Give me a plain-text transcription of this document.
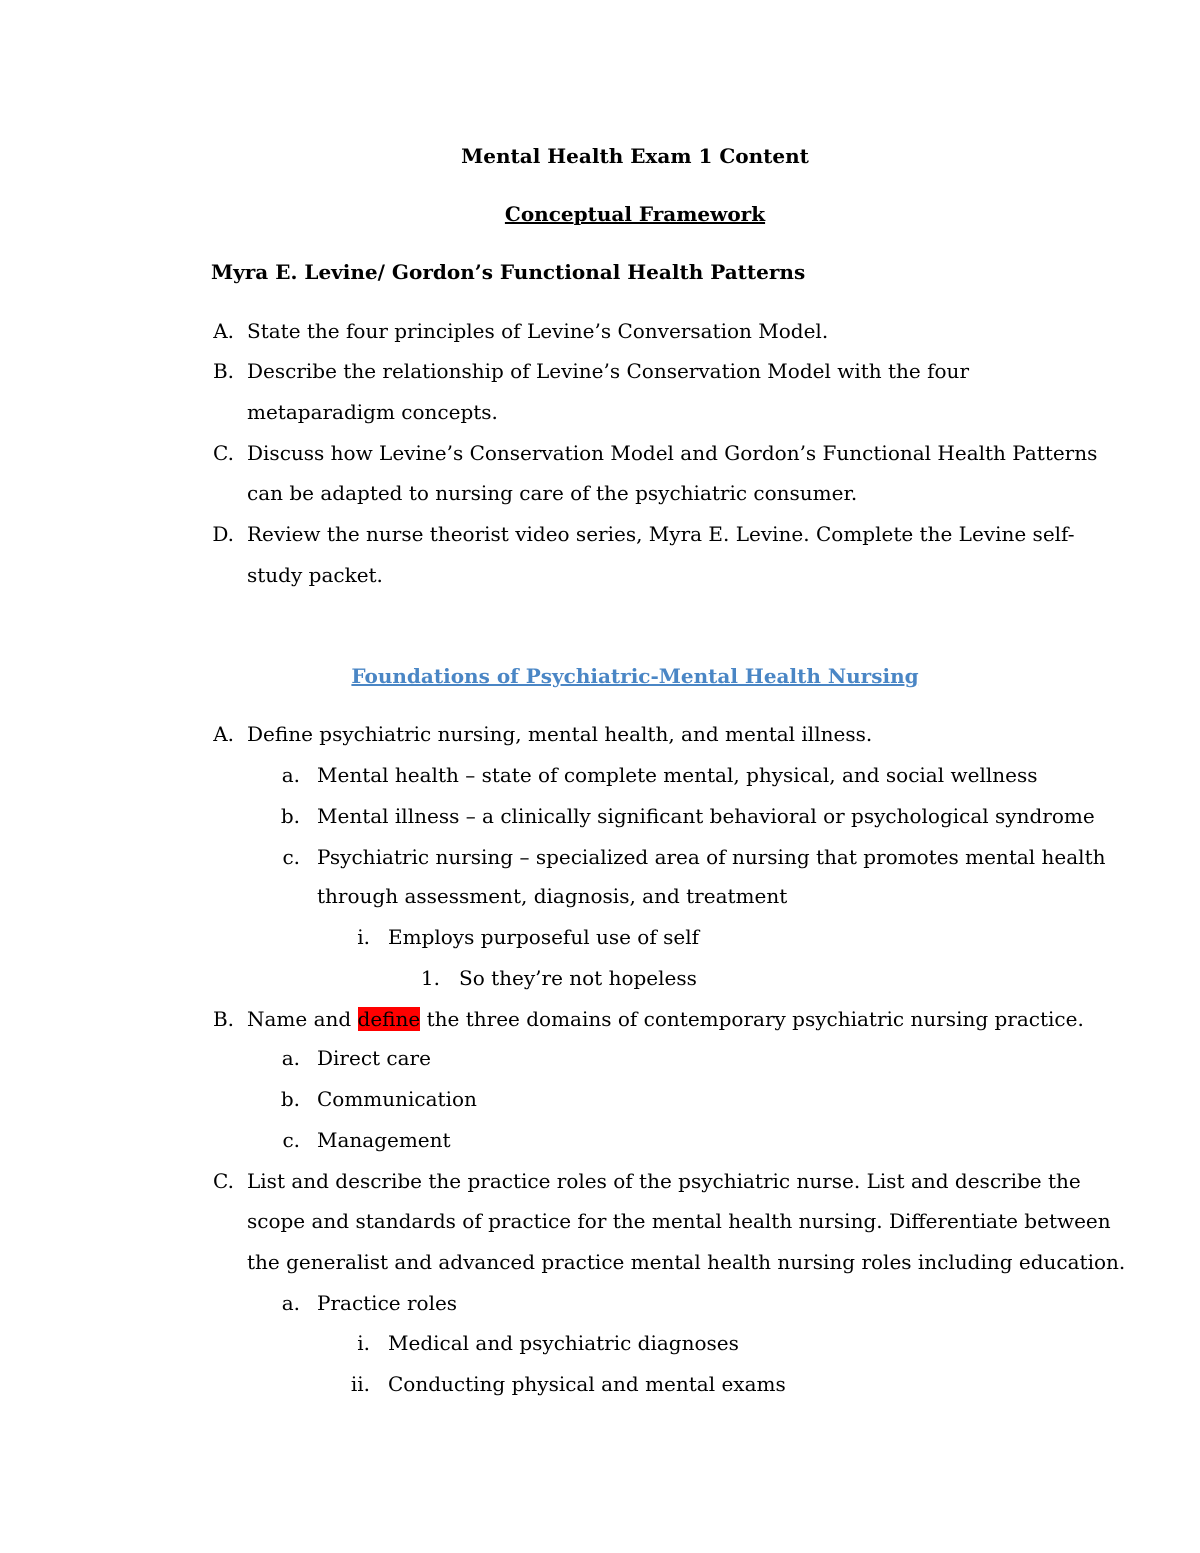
Mental Health Exam 1 Content
Conceptual Framework
Myra E. Levine/ Gordon’s Functional Health Patterns
A. State the four principles of Levine’s Conversation Model.
B. Describe the relationship of Levine’s Conservation Model with the four
metaparadigm concepts.
C. Discuss how Levine’s Conservation Model and Gordon’s Functional Health Patterns
can be adapted to nursing care of the psychiatric consumer.
D. Review the nurse theorist video series, Myra E. Levine. Complete the Levine self-
study packet.
Foundations of Psychiatric-Mental Health Nursing
A. Define psychiatric nursing, mental health, and mental illness.
a. Mental health – state of complete mental, physical, and social wellness
b. Mental illness – a clinically significant behavioral or psychological syndrome
c. Psychiatric nursing – specialized area of nursing that promotes mental health
through assessment, diagnosis, and treatment
i. Employs purposeful use of self
1. So they’re not hopeless
B. Name and define the three domains of contemporary psychiatric nursing practice.
a. Direct care
b. Communication
c. Management
C. List and describe the practice roles of the psychiatric nurse. List and describe the
scope and standards of practice for the mental health nursing. Differentiate between
the generalist and advanced practice mental health nursing roles including education.
a. Practice roles
i. Medical and psychiatric diagnoses
ii. Conducting physical and mental exams
